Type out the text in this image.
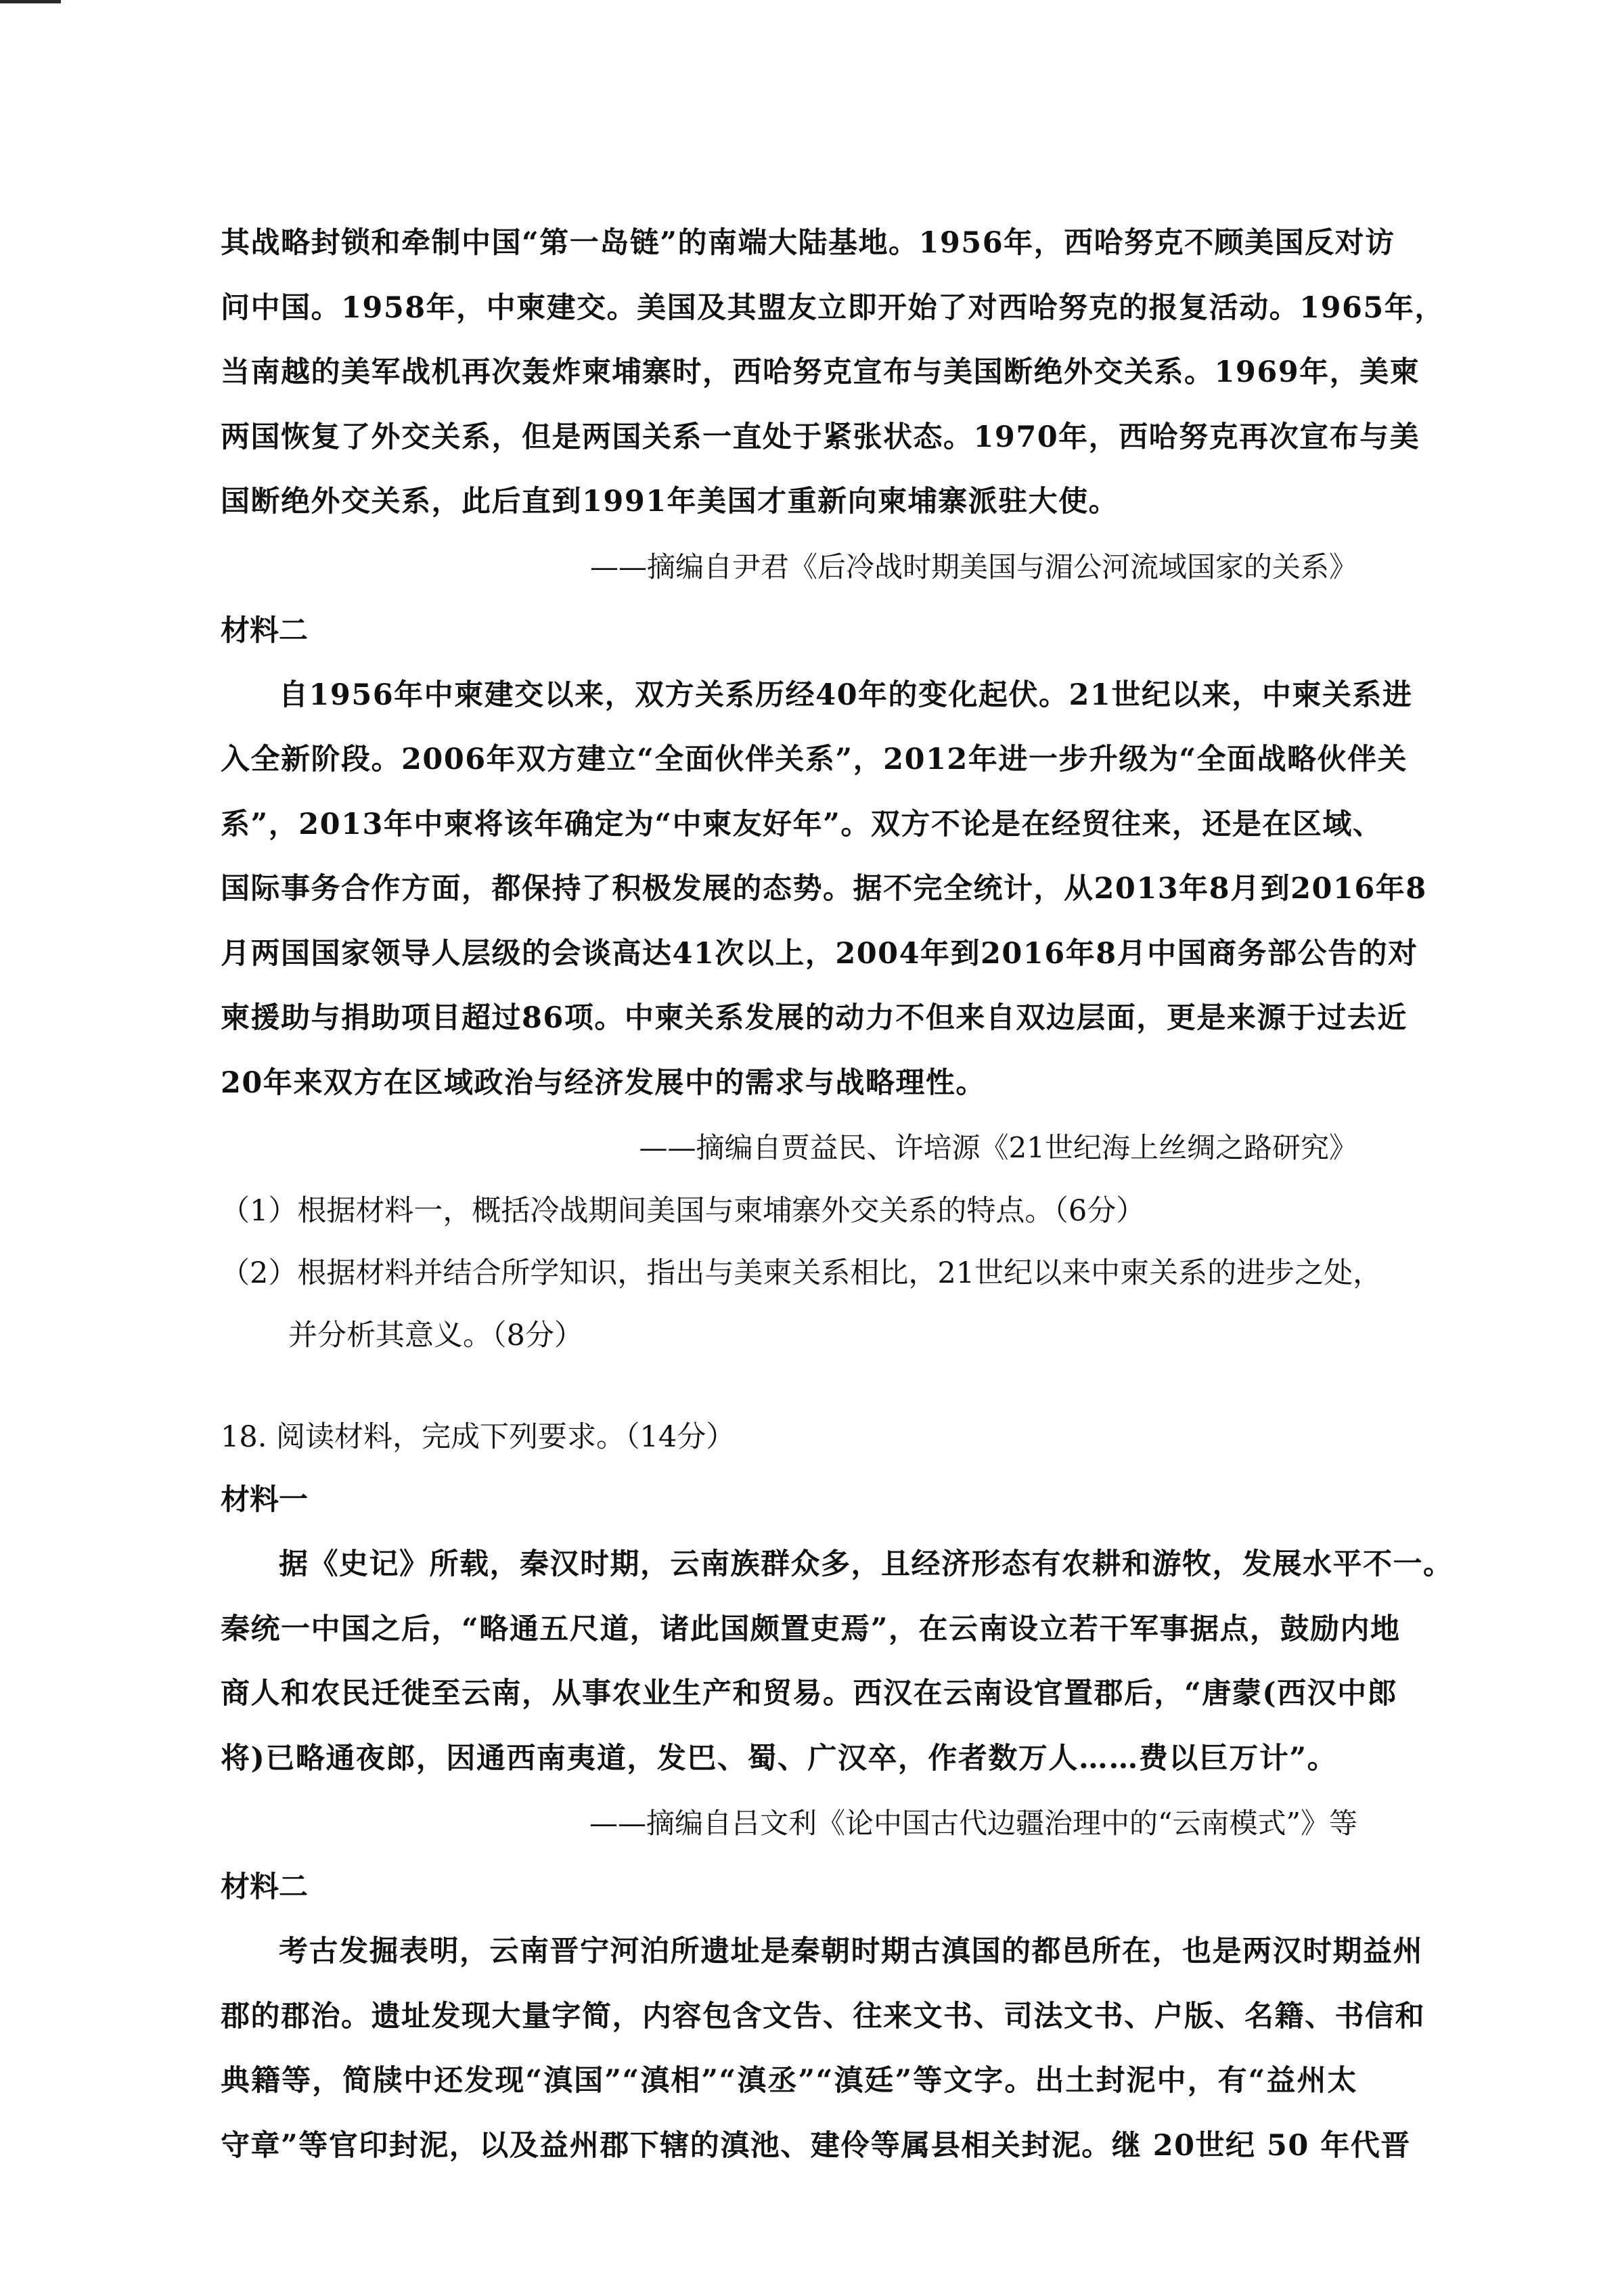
其战略封锁和牵制中国“第一岛链”的南端大陆基地。1956年，西哈努克不顾美国反对访
问中国。1958年，中柬建交。美国及其盟友立即开始了对西哈努克的报复活动。1965年，
当南越的美军战机再次轰炸柬埔寨时，西哈努克宣布与美国断绝外交关系。1969年，美柬
两国恢复了外交关系，但是两国关系一直处于紧张状态。1970年，西哈努克再次宣布与美
国断绝外交关系，此后直到1991年美国才重新向柬埔寨派驻大使。

——摘编自尹君《后冷战时期美国与湄公河流域国家的关系》

材料二

自1956年中柬建交以来，双方关系历经40年的变化起伏。21世纪以来，中柬关系进
入全新阶段。2006年双方建立“全面伙伴关系”，2012年进一步升级为“全面战略伙伴关
系”，2013年中柬将该年确定为“中柬友好年”。双方不论是在经贸往来，还是在区域、
国际事务合作方面，都保持了积极发展的态势。据不完全统计，从2013年8月到2016年8
月两国国家领导人层级的会谈高达41次以上，2004年到2016年8月中国商务部公告的对
柬援助与捐助项目超过86项。中柬关系发展的动力不但来自双边层面，更是来源于过去近
20年来双方在区域政治与经济发展中的需求与战略理性。

——摘编自贾益民、许培源《21世纪海上丝绸之路研究》

（1）根据材料一，概括冷战期间美国与柬埔寨外交关系的特点。（6分）

（2）根据材料并结合所学知识，指出与美柬关系相比，21世纪以来中柬关系的进步之处，

并分析其意义。（8分）

18. 阅读材料，完成下列要求。（14分）

材料一

据《史记》所载，秦汉时期，云南族群众多，且经济形态有农耕和游牧，发展水平不一。
秦统一中国之后，“略通五尺道，诸此国颇置吏焉”，在云南设立若干军事据点，鼓励内地
商人和农民迁徙至云南，从事农业生产和贸易。西汉在云南设官置郡后，“唐蒙(西汉中郎
将)已略通夜郎，因通西南夷道，发巴、蜀、广汉卒，作者数万人……费以巨万计”。

——摘编自吕文利《论中国古代边疆治理中的“云南模式”》等

材料二

考古发掘表明，云南晋宁河泊所遗址是秦朝时期古滇国的都邑所在，也是两汉时期益州
郡的郡治。遗址发现大量字简，内容包含文告、往来文书、司法文书、户版、名籍、书信和
典籍等，简牍中还发现“滇国”“滇相”“滇丞”“滇廷”等文字。出土封泥中，有“益州太
守章”等官印封泥，以及益州郡下辖的滇池、建伶等属县相关封泥。继 20世纪 50 年代晋
